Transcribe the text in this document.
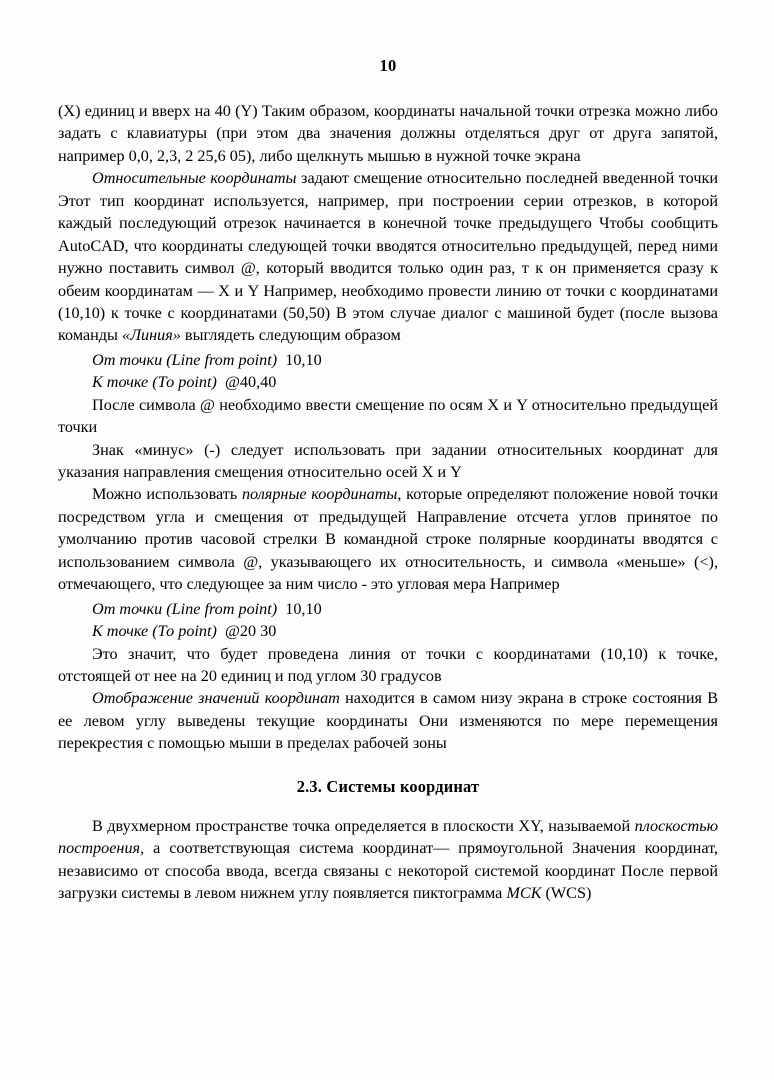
10

(X) единиц и вверх на 40 (Y) Таким образом, координаты начальной точки отрезка можно либо задать с клавиатуры (при этом два значения должны отделяться друг от друга запятой, например 0,0, 2,3, 2 25,6 05), либо щелкнуть мышью в нужной точке экрана

Относительные координаты задают смещение относительно последней введенной точки Этот тип координат используется, например, при построении серии отрезков, в которой каждый последующий отрезок начинается в конечной точке предыдущего Чтобы сообщить AutoCAD, что координаты следующей точки вводятся относительно предыдущей, перед ними нужно поставить символ @, который вводится только один раз, т к он применяется сразу к обеим координатам — X и Y Например, необходимо провести линию от точки с координатами (10,10) к точке с координатами (50,50) В этом случае диалог с машиной будет (после вызова команды «Линия» выглядеть следующим образом

От точки (Line from point) 10,10
К точке (То point) @40,40

После символа @ необходимо ввести смещение по осям X и Y относительно предыдущей точки

Знак «минус» (-) следует использовать при задании относительных координат для указания направления смещения относительно осей X и Y

Можно использовать полярные координаты, которые определяют положение новой точки посредством угла и смещения от предыдущей Направление отсчета углов принятое по умолчанию против часовой стрелки В командной строке полярные координаты вводятся с использованием символа @, указывающего их относительность, и символа «меньше» (<), отмечающего, что следующее за ним число - это угловая мера Например

От точки (Line from point) 10,10
К точке (То point) @20 30

Это значит, что будет проведена линия от точки с координатами (10,10) к точке, отстоящей от нее на 20 единиц и под углом 30 градусов

Отображение значений координат находится в самом низу экрана в строке состояния В ее левом углу выведены текущие координаты Они изменяются по мере перемещения перекрестия с помощью мыши в пределах рабочей зоны

2.3. Системы координат

В двухмерном пространстве точка определяется в плоскости XY, называемой плоскостью построения, а соответствующая система координат— прямоугольной Значения координат, независимо от способа ввода, всегда связаны с некоторой системой координат После первой загрузки системы в левом нижнем углу появляется пиктограмма МСК (WCS)
